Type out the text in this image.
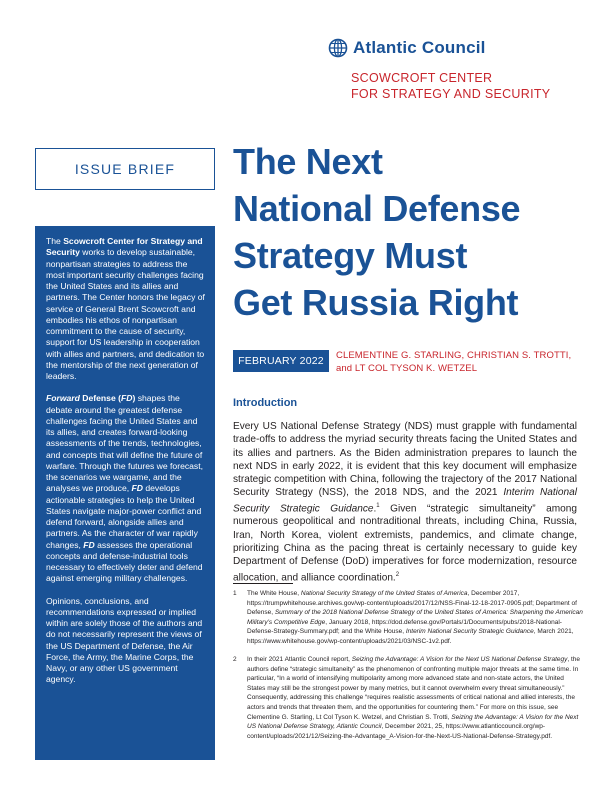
Atlantic Council
SCOWCROFT CENTER
FOR STRATEGY AND SECURITY
ISSUE BRIEF	The Next
National Defense
Strategy Must
Get Russia Right

The Scowcroft Center for Strategy and Security works to develop sustainable, nonpartisan strategies to address the most important security challenges facing the United States and its allies and partners. The Center honors the legacy of service of General Brent Scowcroft and embodies his ethos of nonpartisan commitment to the cause of security, support for US leadership in cooperation with allies and partners, and dedication to the mentorship of the next generation of leaders.

Forward Defense (FD) shapes the debate around the greatest defense challenges facing the United States and its allies, and creates forward-looking assessments of the trends, technologies, and concepts that will define the future of warfare. Through the futures we forecast, the scenarios we wargame, and the analyses we produce, FD develops actionable strategies to help the United States navigate major-power conflict and defend forward, alongside allies and partners. As the character of war rapidly changes, FD assesses the operational concepts and defense-industrial tools necessary to effectively deter and defend against emerging military challenges.

Opinions, conclusions, and recommendations expressed or implied within are solely those of the authors and do not necessarily represent the views of the US Department of Defense, the Air Force, the Army, the Marine Corps, the Navy, or any other US government agency.

FEBRUARY 2022	CLEMENTINE G. STARLING, CHRISTIAN S. TROTTI,
and LT COL TYSON K. WETZEL
Introduction
Every US National Defense Strategy (NDS) must grapple with fundamental trade-offs to address the myriad security threats facing the United States and its allies and partners. As the Biden administration prepares to launch the next NDS in early 2022, it is evident that this key document will emphasize strategic competition with China, following the trajectory of the 2017 National Security Strategy (NSS), the 2018 NDS, and the 2021 Interim National Security Strategic Guidance.$^1$ Given “strategic simultaneity” among numerous geopolitical and nontraditional threats, including China, Russia, Iran, North Korea, violent extremists, pandemics, and climate change, prioritizing China as the pacing threat is certainly necessary to guide key Department of Defense (DoD) imperatives for force modernization, resource allocation, and alliance coordination.$^2$
1	The White House, National Security Strategy of the United States of America, December 2017, https://trumpwhitehouse.archives.gov/wp-content/uploads/2017/12/NSS-Final-12-18-2017-0905.pdf; Department of Defense, Summary of the 2018 National Defense Strategy of the United States of America: Sharpening the American Military’s Competitive Edge, January 2018, https://dod.defense.gov/Portals/1/Documents/pubs/2018-National-Defense-Strategy-Summary.pdf; and the White House, Interim National Security Strategic Guidance, March 2021, https://www.whitehouse.gov/wp-content/uploads/2021/03/NSC-1v2.pdf.
2	In their 2021 Atlantic Council report, Seizing the Advantage: A Vision for the Next US National Defense Strategy, the authors define “strategic simultaneity” as the phenomenon of confronting multiple major threats at the same time. In particular, “In a world of intensifying multipolarity among more advanced state and non-state actors, the United States may still be the strongest power by many metrics, but it cannot overwhelm every threat simultaneously.” Consequently, addressing this challenge “requires realistic assessments of critical national and allied interests, the actors and trends that threaten them, and the opportunities for countering them.” For more on this issue, see Clementine G. Starling, Lt Col Tyson K. Wetzel, and Christian S. Trotti, Seizing the Advantage: A Vision for the Next US National Defense Strategy, Atlantic Council, December 2021, 25, https://www.atlanticcouncil.org/wp-content/uploads/2021/12/Seizing-the-Advantage_A-Vision-for-the-Next-US-National-Defense-Strategy.pdf.
